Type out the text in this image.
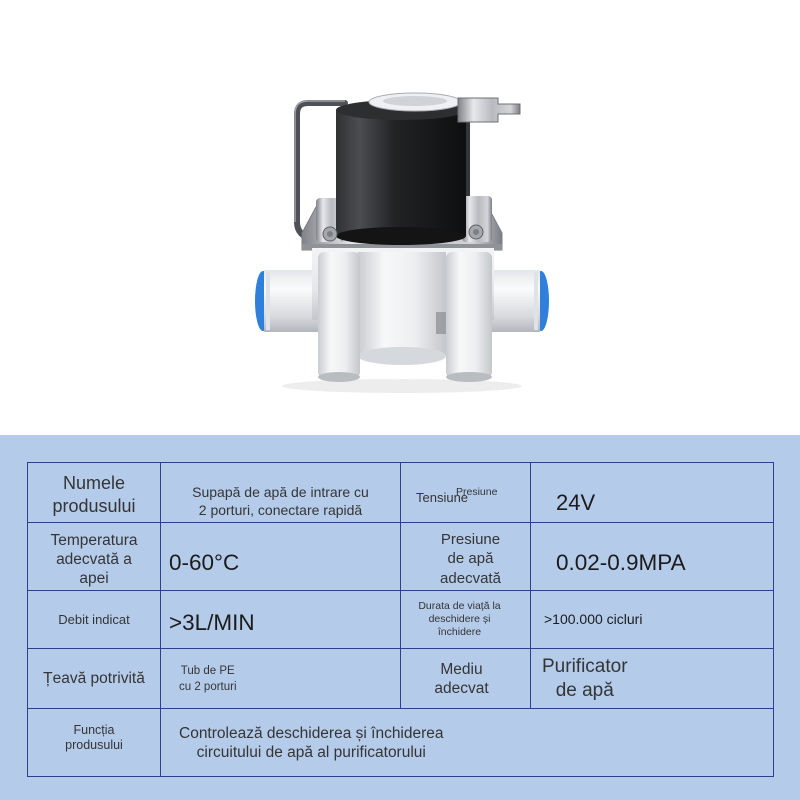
Numele
produsului
Supapă de apă de intrare cu
2 porturi, conectare rapidă
Tensiune
Presiune	24V
Temperatura
adecvată a
apei
0-60°C
Presiune
de apă
adecvată
0.02-0.9MPA
Debit indicat >3L/MIN
Durata de viață la
deschidere și
închidere
>100.000 cicluri
Țeavă potrivită	Tub de PE
cu 2 porturi
Mediu
adecvat
Purificator
de apă
Funcția
produsului
Controlează deschiderea și închiderea
circuitului de apă al purificatorului
